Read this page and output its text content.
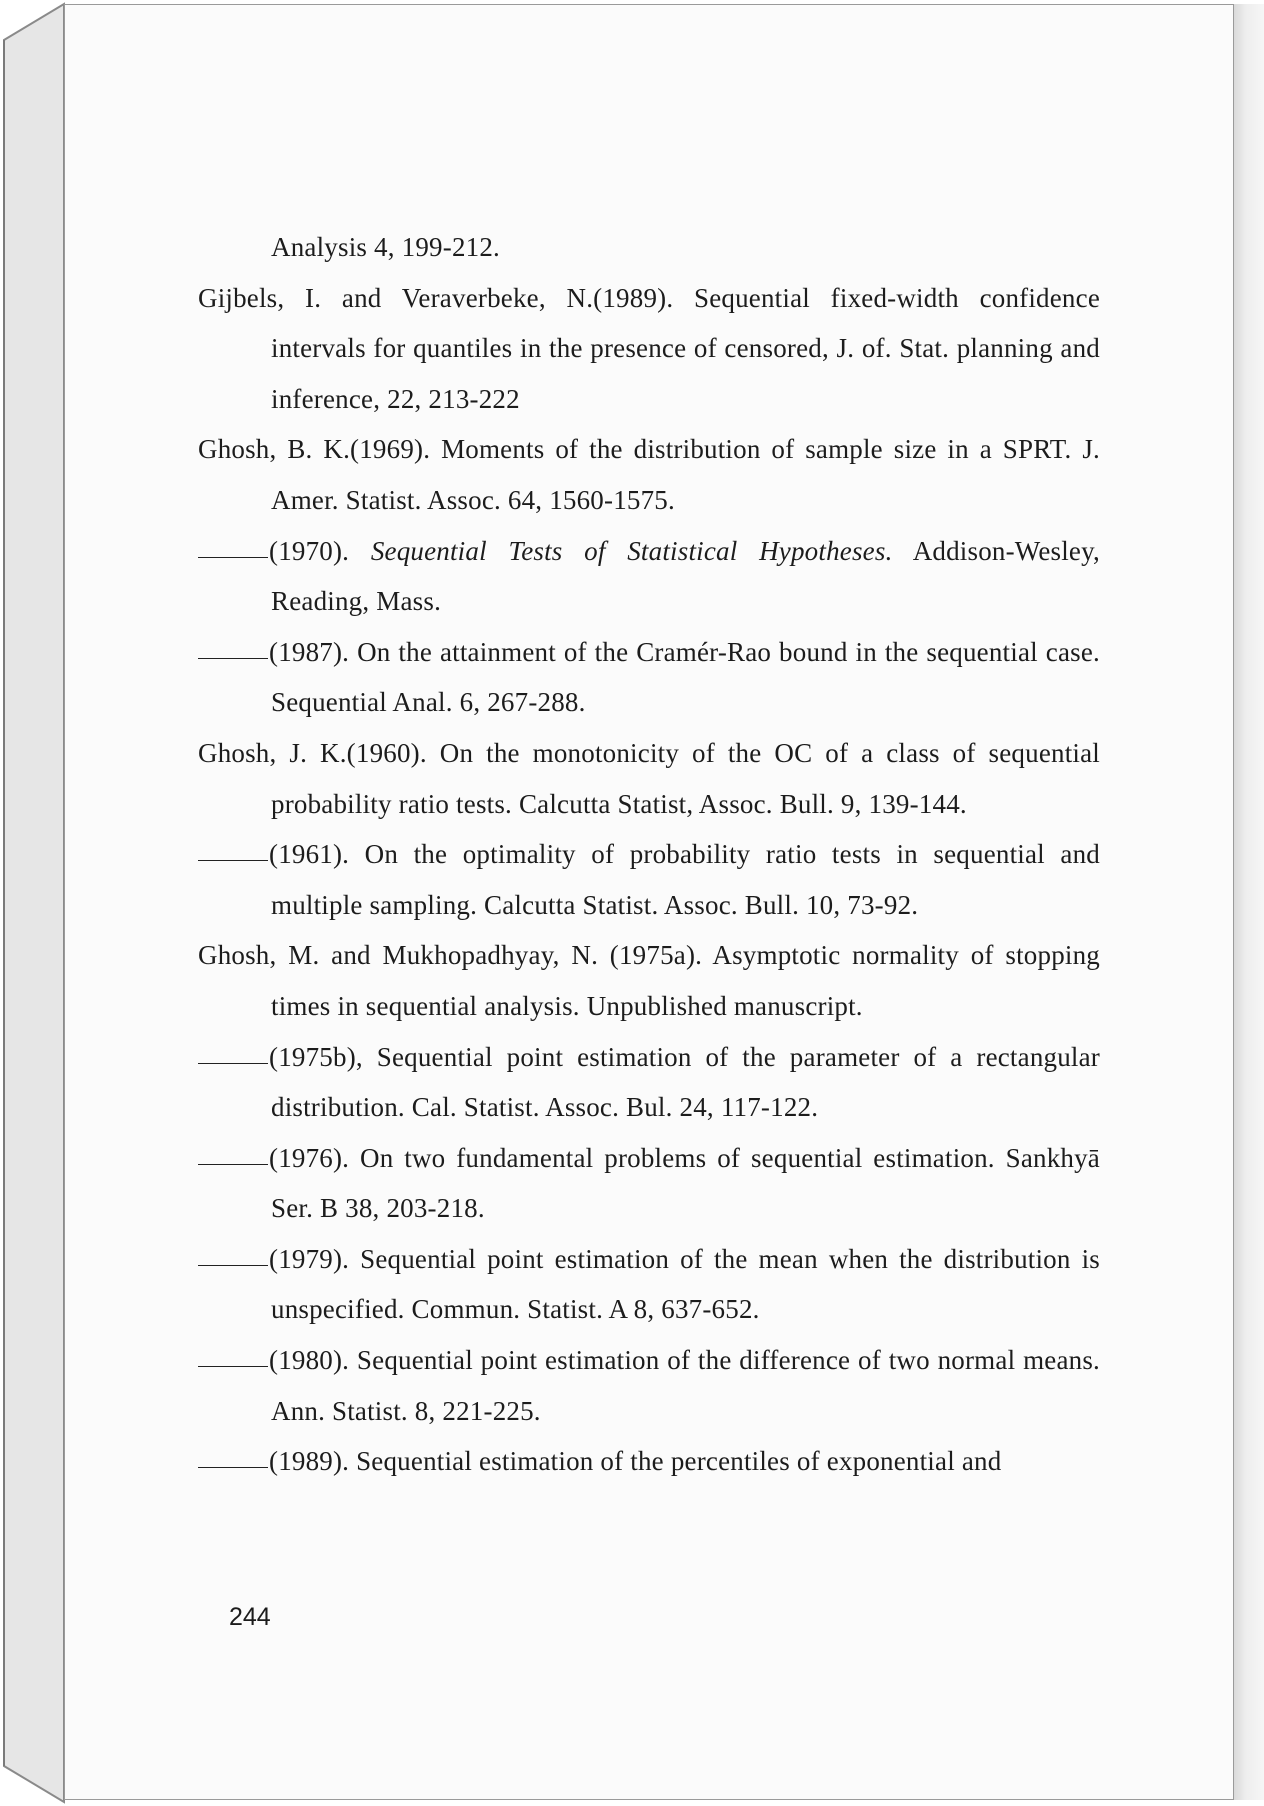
Analysis 4, 199-212.

Gijbels, I. and Veraverbeke, N.(1989). Sequential fixed-width confidence intervals for quantiles in the presence of censored, J. of. Stat. planning and inference, 22, 213-222

Ghosh, B. K.(1969). Moments of the distribution of sample size in a SPRT. J. Amer. Statist. Assoc. 64, 1560-1575.

(1970). Sequential Tests of Statistical Hypotheses. Addison-Wesley, Reading, Mass.

(1987). On the attainment of the Cramér-Rao bound in the sequential case. Sequential Anal. 6, 267-288.

Ghosh, J. K.(1960). On the monotonicity of the OC of a class of sequential probability ratio tests. Calcutta Statist, Assoc. Bull. 9, 139-144.

(1961). On the optimality of probability ratio tests in sequential and multiple sampling. Calcutta Statist. Assoc. Bull. 10, 73-92.

Ghosh, M. and Mukhopadhyay, N. (1975a). Asymptotic normality of stopping times in sequential analysis. Unpublished manuscript.

(1975b), Sequential point estimation of the parameter of a rectangular distribution. Cal. Statist. Assoc. Bul. 24, 117-122.

(1976). On two fundamental problems of sequential estimation. Sankhyā Ser. B 38, 203-218.

(1979). Sequential point estimation of the mean when the distribution is unspecified. Commun. Statist. A 8, 637-652.

(1980). Sequential point estimation of the difference of two normal means. Ann. Statist. 8, 221-225.

(1989). Sequential estimation of the percentiles of exponential and

244
